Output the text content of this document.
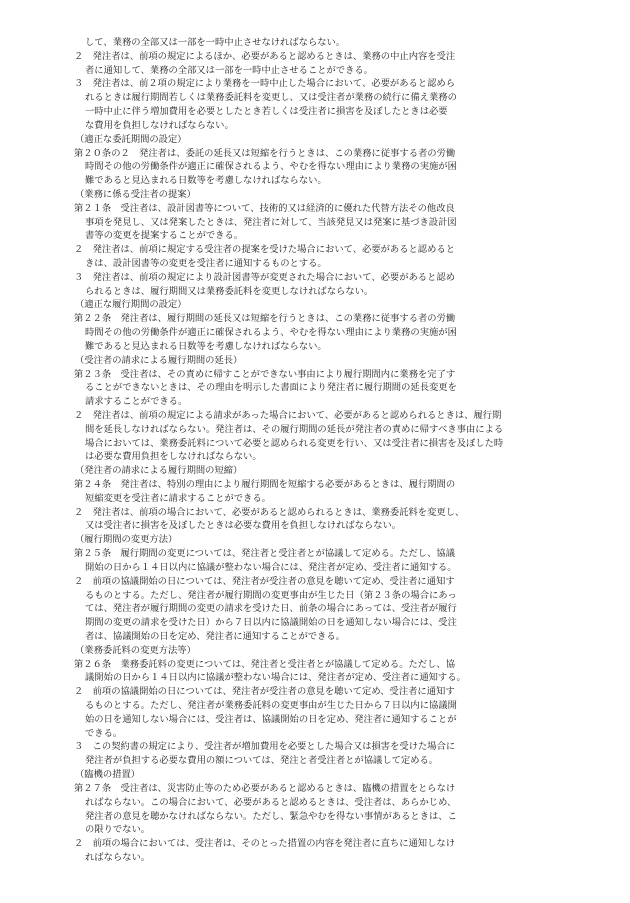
して、業務の全部又は一部を一時中止させなければならない。
２　発注者は、前項の規定によるほか、必要があると認めるときは、業務の中止内容を受注
者に通知して、業務の全部又は一部を一時中止させることができる。
３　発注者は、前２項の規定により業務を一時中止した場合において、必要があると認めら
れるときは履行期間若しくは業務委託料を変更し、又は受注者が業務の続行に備え業務の
一時中止に伴う増加費用を必要としたとき若しくは受注者に損害を及ぼしたときは必要
な費用を負担しなければならない。
（適正な委託期間の設定）
第２０条の２　発注者は、委託の延長又は短縮を行うときは、この業務に従事する者の労働
時間その他の労働条件が適正に確保されるよう、やむを得ない理由により業務の実施が困
難であると見込まれる日数等を考慮しなければならない。
（業務に係る受注者の提案）
第２１条　受注者は、設計図書等について、技術的又は経済的に優れた代替方法その他改良
事項を発見し、又は発案したときは、発注者に対して、当該発見又は発案に基づき設計図
書等の変更を提案することができる。
２　発注者は、前項に規定する受注者の提案を受けた場合において、必要があると認めると
きは、設計図書等の変更を受注者に通知するものとする。
３　発注者は、前項の規定により設計図書等が変更された場合において、必要があると認め
られるときは、履行期間又は業務委託料を変更しなければならない。
（適正な履行期間の設定）
第２２条　発注者は、履行期間の延長又は短縮を行うときは、この業務に従事する者の労働
時間その他の労働条件が適正に確保されるよう、やむを得ない理由により業務の実施が困
難であると見込まれる日数等を考慮しなければならない。
（受注者の請求による履行期間の延長）
第２３条　受注者は、その責めに帰すことができない事由により履行期間内に業務を完了す
ることができないときは、その理由を明示した書面により発注者に履行期間の延長変更を
請求することができる。
２　発注者は、前項の規定による請求があった場合において、必要があると認められるときは、履行期
間を延長しなければならない。発注者は、その履行期間の延長が発注者の責めに帰すべき事由による
場合においては、業務委託料について必要と認められる変更を行い、又は受注者に損害を及ぼした時
は必要な費用負担をしなければならない。
（発注者の請求による履行期間の短縮）
第２４条　発注者は、特別の理由により履行期間を短縮する必要があるときは、履行期間の
短縮変更を受注者に請求することができる。
２　発注者は、前項の場合において、必要があると認められるときは、業務委託料を変更し、
又は受注者に損害を及ぼしたときは必要な費用を負担しなければならない。
（履行期間の変更方法）
第２５条　履行期間の変更については、発注者と受注者とが協議して定める。ただし、協議
開始の日から１４日以内に協議が整わない場合には、発注者が定め、受注者に通知する。
２　前項の協議開始の日については、発注者が受注者の意見を聴いて定め、受注者に通知す
るものとする。ただし、発注者が履行期間の変更事由が生じた日（第２３条の場合にあっ
ては、発注者が履行期間の変更の請求を受けた日、前条の場合にあっては、受注者が履行
期間の変更の請求を受けた日）から７日以内に協議開始の日を通知しない場合には、受注
者は、協議開始の日を定め、発注者に通知することができる。
（業務委託料の変更方法等）
第２６条　業務委託料の変更については、発注者と受注者とが協議して定める。ただし、協
議開始の日から１４日以内に協議が整わない場合には、発注者が定め、受注者に通知する。
２　前項の協議開始の日については、発注者が受注者の意見を聴いて定め、受注者に通知す
るものとする。ただし、発注者が業務委託料の変更事由が生じた日から７日以内に協議開
始の日を通知しない場合には、受注者は、協議開始の日を定め、発注者に通知することが
できる。
３　この契約書の規定により、受注者が増加費用を必要とした場合又は損害を受けた場合に
発注者が負担する必要な費用の額については、発注と者受注者とが協議して定める。
（臨機の措置）
第２７条　受注者は、災害防止等のため必要があると認めるときは、臨機の措置をとらなけ
ればならない。この場合において、必要があると認めるときは、受注者は、あらかじめ、
発注者の意見を聴かなければならない。ただし、緊急やむを得ない事情があるときは、こ
の限りでない。
２　前項の場合においては、受注者は、そのとった措置の内容を発注者に直ちに通知しなけ
ればならない。
